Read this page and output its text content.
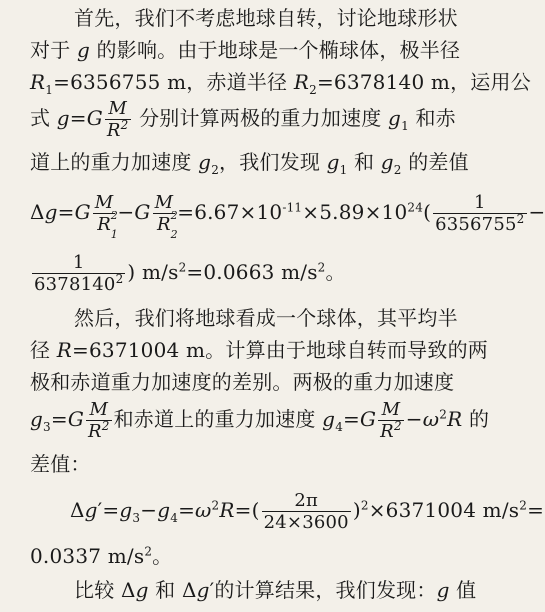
首先，我们不考虑地球自转，讨论地球形状
对于 g 的影响。由于地球是一个椭球体，极半径
$R_1=6356755$ m，赤道半径 $R_2=6378140$ m，运用公
式 $g=G \frac{M}{R^2}$ 分别计算两极的重力加速度 $g_1$ 和赤
道上的重力加速度 $g_2$，我们发现 $g_1$ 和 $g_2$ 的差值
Δg=G M
R 2
1 −G M
R 2
$2 =6.67\times 10^{-11}\times 5.89\times 10^{24}( \frac{1}{6356755^2}$ −
$\frac{1}{6378140^2}$ ) $m/s^2=0.0663$ $m/s^2$。
然后，我们将地球看成一个球体，其平均半
径 R=6371004 m。计算由于地球自转而导致的两
极和赤道重力加速度的差别。两极的重力加速度
$g_3=G \frac{M}{R^2}$ 和赤道上的重力加速度 $g_4=G \frac{M}{R^2} -\omega^2R$ 的
差值：
$\Delta g'=g_3-g_4=\omega^2R=( \frac{2\pi}{24\times 3600} )^2\times 6371004$ $m/s^2=$
0.0337 $m/s^2$。
比较 Δg 和 Δg′的计算结果，我们发现：g 值
